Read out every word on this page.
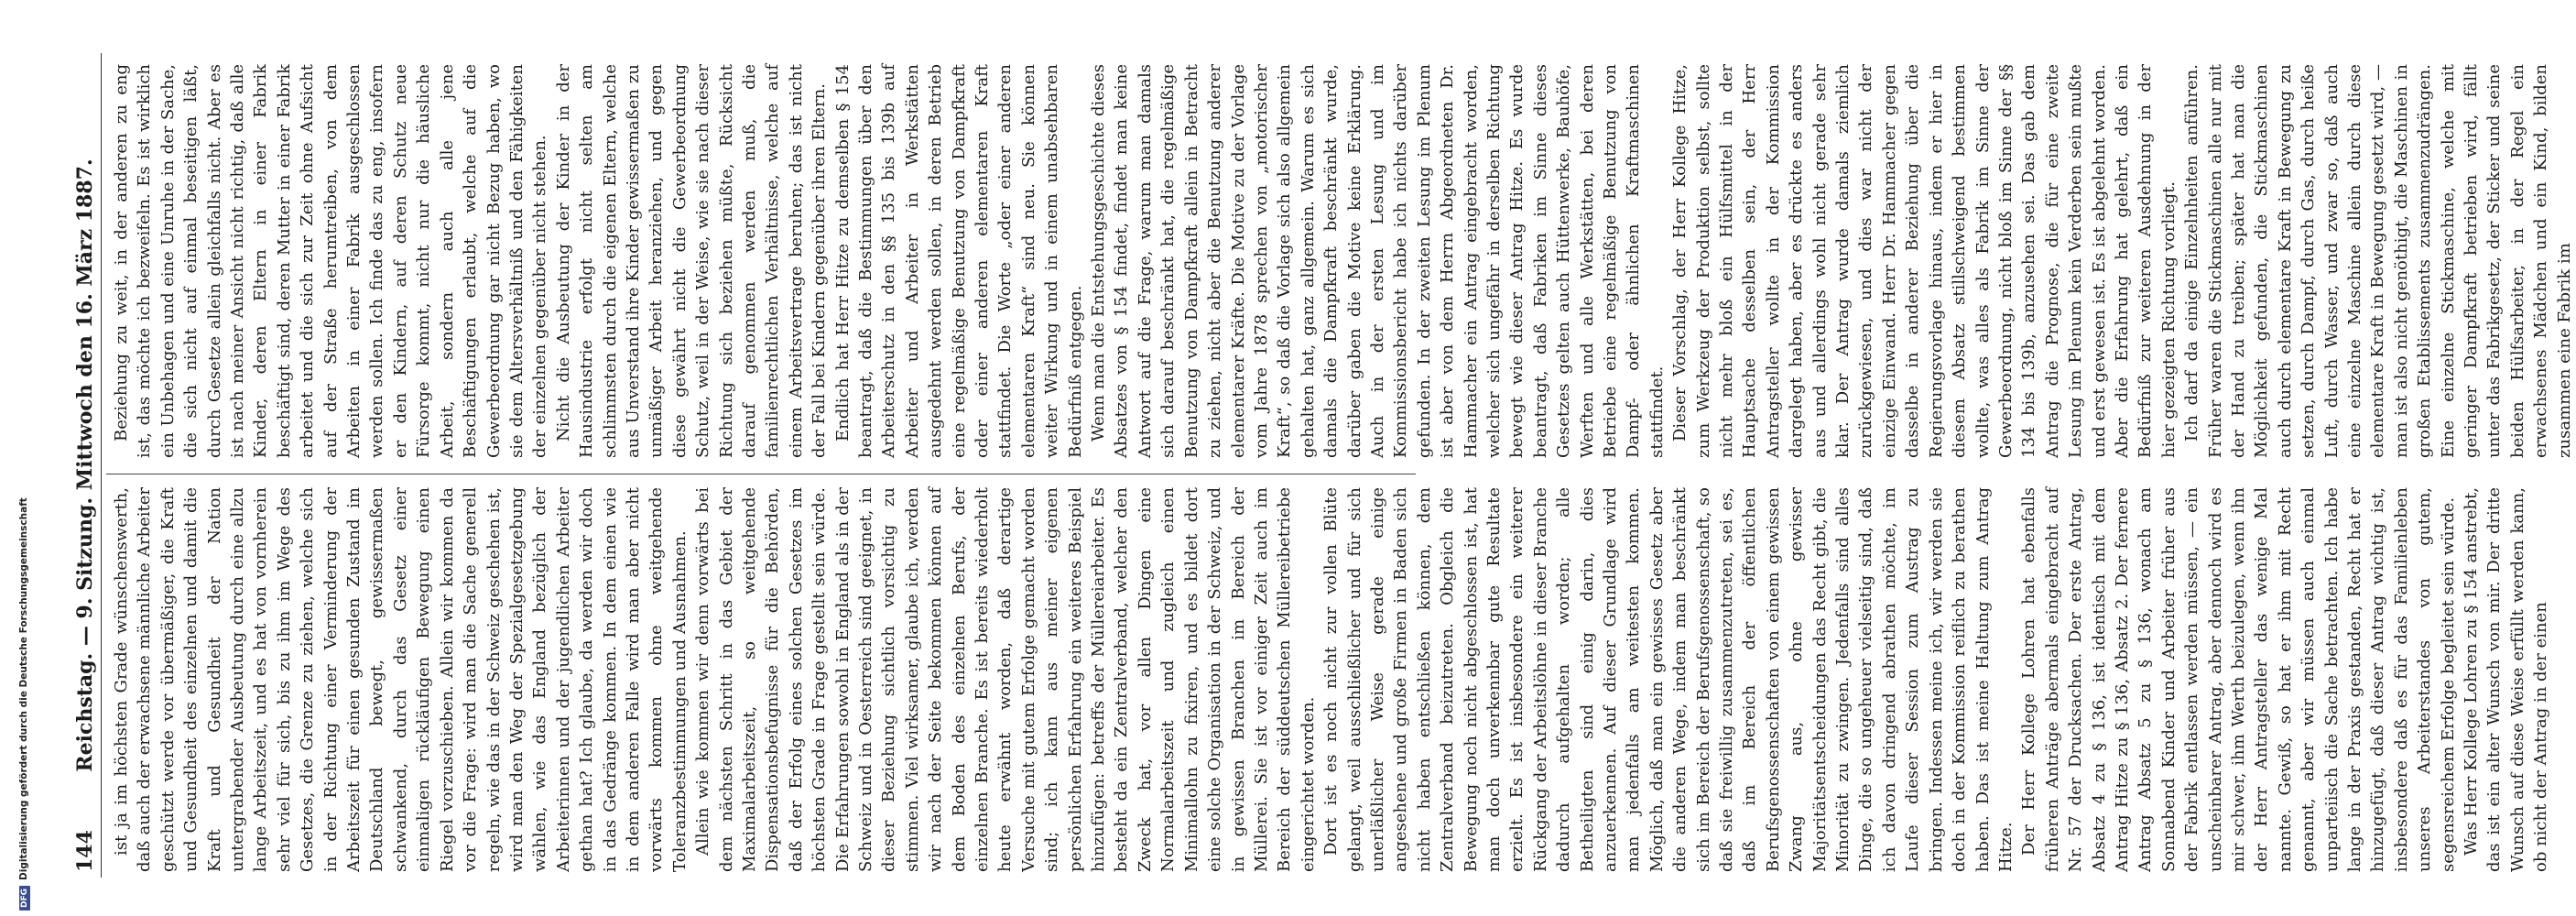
DFGDigitalisierung gefördert durch die Deutsche Forschungsgemeinschaft 144
Reichstag. — 9. Sitzung. Mittwoch den 16. März 1887. ist ja im höchsten Grade wünschenswerth, daß auch der erwachsene männliche Arbeiter geschützt werde vor übermäßiger, die Kraft und Gesundheit des einzelnen und damit die Kraft und Gesundheit der Nation untergrabender Ausbeutung durch eine allzu lange Arbeitszeit, und es hat von vornherein sehr viel für sich, bis zu ihm im Wege des Gesetzes, die Grenze zu ziehen, welche sich in der Richtung einer Verminderung der Arbeitszeit für einen gesunden Zustand im Deutschland bewegt, gewissermaßen schwankend, durch das Gesetz einer einmaligen rückläufigen Bewegung einen Riegel vorzuschieben. Allein wir kommen da vor die Frage: wird man die Sache generell regeln, wie das in der Schweiz geschehen ist, wird man den Weg der Spezialgesetzgebung wählen, wie das England bezüglich der Arbeiterinnen und der jugendlichen Arbeiter gethan hat? Ich glaube, da werden wir doch in das Gedränge kommen. In dem einen wie in dem anderen Falle wird man aber nicht vorwärts kommen ohne weitgehende Toleranzbestimmungen und Ausnahmen. Allein wie kommen wir denn vorwärts bei dem nächsten Schritt in das Gebiet der Maximalarbeitszeit, so weitgehende Dispensationsbefugnisse für die Behörden, daß der Erfolg eines solchen Gesetzes im höchsten Grade in Frage gestellt sein würde. Die Erfahrungen sowohl in England als in der Schweiz und in Oesterreich sind geeignet, in dieser Beziehung sichtlich vorsichtig zu stimmen. Viel wirksamer, glaube ich, werden wir nach der Seite bekommen können auf dem Boden des einzelnen Berufs, der einzelnen Branche. Es ist bereits wiederholt heute erwähnt worden, daß derartige Versuche mit gutem Erfolge gemacht worden sind; ich kann aus meiner eigenen persönlichen Erfahrung ein weiteres Beispiel hinzufügen: betreffs der Müllereiarbeiter. Es besteht da ein Zentralverband, welcher den Zweck hat, vor allen Dingen eine Normalarbeitszeit und zugleich einen Minimallohn zu fixiren, und es bildet dort eine solche Organisation in der Schweiz, und in gewissen Branchen im Bereich der Müllerei. Sie ist vor einiger Zeit auch im Bereich der süddeutschen Müllereibetriebe eingerichtet worden. Dort ist es noch nicht zur vollen Blüte gelangt, weil ausschließlicher und für sich unerläßlicher Weise gerade einige angesehene und große Firmen in Baden sich nicht haben entschließen können, dem Zentralverband beizutreten. Obgleich die Bewegung noch nicht abgeschlossen ist, hat man doch unverkennbar gute Resultate erzielt. Es ist insbesondere ein weiterer Rückgang der Arbeitslöhne in dieser Branche dadurch aufgehalten worden; alle Betheiligten sind einig darin, dies anzuerkennen. Auf dieser Grundlage wird man jedenfalls am weitesten kommen. Möglich, daß man ein gewisses Gesetz aber die anderen Wege, indem man beschränkt sich im Bereich der Berufsgenossenschaft, so daß sie freiwillig zusammenzutreten, sei es, daß im Bereich der öffentlichen Berufsgenossenschaften von einem gewissen Zwang aus, ohne gewisser Majoritätsentscheidungen das Recht gibt, die Minorität zu zwingen. Jedenfalls sind alles Dinge, die so ungeheuer vielseitig sind, daß ich davon dringend abrathen möchte, im Laufe dieser Session zum Austrag zu bringen. Indessen meine ich, wir werden sie doch in der Kommission reiflich zu berathen haben. Das ist meine Haltung zum Antrag Hitze. Der Herr Kollege Lohren hat ebenfalls früheren Anträge abermals eingebracht auf Nr. 57 der Drucksachen. Der erste Antrag, Absatz 4 zu § 136, ist identisch mit dem Antrag Hitze zu § 136, Absatz 2. Der fernere Antrag Absatz 5 zu § 136, wonach am Sonnabend Kinder und Arbeiter früher aus der Fabrik entlassen werden müssen, — ein unscheinbarer Antrag, aber dennoch wird es mir schwer, ihm Werth beizulegen, wenn ihn der Herr Antragsteller das wenige Mal nannte. Gewiß, so hat er ihm mit Recht genannt, aber wir müssen auch einmal unparteiisch die Sache betrachten. Ich habe lange in der Praxis gestanden, Recht hat er hinzugefügt, daß dieser Antrag wichtig ist, insbesondere daß es für das Familienleben unseres Arbeiterstandes von gutem, segensreichem Erfolge begleitet sein würde. Was Herr Kollege Lohren zu § 154 anstrebt, das ist ein alter Wunsch von mir. Der dritte Wunsch auf diese Weise erfüllt werden kann, ob nicht der Antrag in der einen

Beziehung zu weit, in der anderen zu eng ist, das möchte ich bezweifeln. Es ist wirklich ein Unbehagen und eine Unruhe in der Sache, die sich nicht auf einmal beseitigen läßt, durch Gesetze allein gleichfalls nicht. Aber es ist nach meiner Ansicht nicht richtig, daß alle Kinder, deren Eltern in einer Fabrik beschäftigt sind, deren Mutter in einer Fabrik arbeitet und die sich zur Zeit ohne Aufsicht auf der Straße herumtreiben, von dem Arbeiten in einer Fabrik ausgeschlossen werden sollen. Ich finde das zu eng, insofern er den Kindern, auf deren Schutz neue Fürsorge kommt, nicht nur die häusliche Arbeit, sondern auch alle jene Beschäftigungen erlaubt, welche auf die Gewerbeordnung gar nicht Bezug haben, wo sie dem Altersverhältniß und den Fähigkeiten der einzelnen gegenüber nicht stehen. Nicht die Ausbeutung der Kinder in der Hausindustrie erfolgt nicht selten am schlimmsten durch die eigenen Eltern, welche aus Unverstand ihre Kinder gewissermaßen zu unmäßiger Arbeit heranziehen, und gegen diese gewährt nicht die Gewerbeordnung Schutz, weil in der Weise, wie sie nach dieser Richtung sich beziehen müßte, Rücksicht darauf genommen werden muß, die familienrechtlichen Verhältnisse, welche auf einem Arbeitsvertrage beruhen; das ist nicht der Fall bei Kindern gegenüber ihren Eltern. Endlich hat Herr Hitze zu demselben § 154 beantragt, daß die Bestimmungen über den Arbeiterschutz in den §§ 135 bis 139b auf Arbeiter und Arbeiter in Werkstätten ausgedehnt werden sollen, in deren Betrieb eine regelmäßige Benutzung von Dampfkraft oder einer anderen elementaren Kraft stattfindet. Die Worte „oder einer anderen elementaren Kraft“ sind neu. Sie können weiter Wirkung und in einem unabsehbaren Bedürfniß entgegen. Wenn man die Entstehungsgeschichte dieses Absatzes von § 154 findet, findet man keine Antwort auf die Frage, warum man damals sich darauf beschränkt hat, die regelmäßige Benutzung von Dampfkraft allein in Betracht zu ziehen, nicht aber die Benutzung anderer elementarer Kräfte. Die Motive zu der Vorlage vom Jahre 1878 sprechen von „motorischer Kraft“, so daß die Vorlage sich also allgemein gehalten hat, ganz allgemein. Warum es sich damals die Dampfkraft beschränkt wurde, darüber gaben die Motive keine Erklärung. Auch in der ersten Lesung und im Kommissionsbericht habe ich nichts darüber gefunden. In der zweiten Lesung im Plenum ist aber von dem Herrn Abgeordneten Dr. Hammacher ein Antrag eingebracht worden, welcher sich ungefähr in derselben Richtung bewegt wie dieser Antrag Hitze. Es wurde beantragt, daß Fabriken im Sinne dieses Gesetzes gelten auch Hüttenwerke, Bauhöfe, Werften und alle Werkstätten, bei deren Betriebe eine regelmäßige Benutzung von Dampf- oder ähnlichen Kraftmaschinen stattfindet. Dieser Vorschlag, der Herr Kollege Hitze, zum Werkzeug der Produktion selbst, sollte nicht mehr bloß ein Hülfsmittel in der Hauptsache desselben sein, der Herr Antragsteller wollte in der Kommission dargelegt haben, aber es drückte es anders aus und allerdings wohl nicht gerade sehr klar. Der Antrag wurde damals ziemlich zurückgewiesen, und dies war nicht der einzige Einwand. Herr Dr. Hammacher gegen dasselbe in anderer Beziehung über die Regierungsvorlage hinaus, indem er hier in diesem Absatz stillschweigend bestimmen wollte, was alles als Fabrik im Sinne der Gewerbeordnung, nicht bloß im Sinne der §§ 134 bis 139b, anzusehen sei. Das gab dem Antrag die Prognose, die für eine zweite Lesung im Plenum kein Verderben sein mußte und erst gewesen ist. Es ist abgelehnt worden. Aber die Erfahrung hat gelehrt, daß ein Bedürfniß zur weiteren Ausdehnung in der hier gezeigten Richtung vorliegt. Ich darf da einige Einzelnheiten anführen. Früher waren die Stickmaschinen alle nur mit der Hand zu treiben; später hat man die Möglichkeit gefunden, die Stickmaschinen auch durch elementare Kraft in Bewegung zu setzen, durch Dampf, durch Gas, durch heiße Luft, durch Wasser, und zwar so, daß auch eine einzelne Maschine allein durch diese elementare Kraft in Bewegung gesetzt wird, — man ist also nicht genöthigt, die Maschinen in großen Etablissements zusammenzudrängen. Eine einzelne Stickmaschine, welche mit geringer Dampfkraft betrieben wird, fällt unter das Fabrikgesetz, der Sticker und seine beiden Hülfsarbeiter, in der Regel ein erwachsenes Mädchen und ein Kind, bilden zusammen eine Fabrik im
